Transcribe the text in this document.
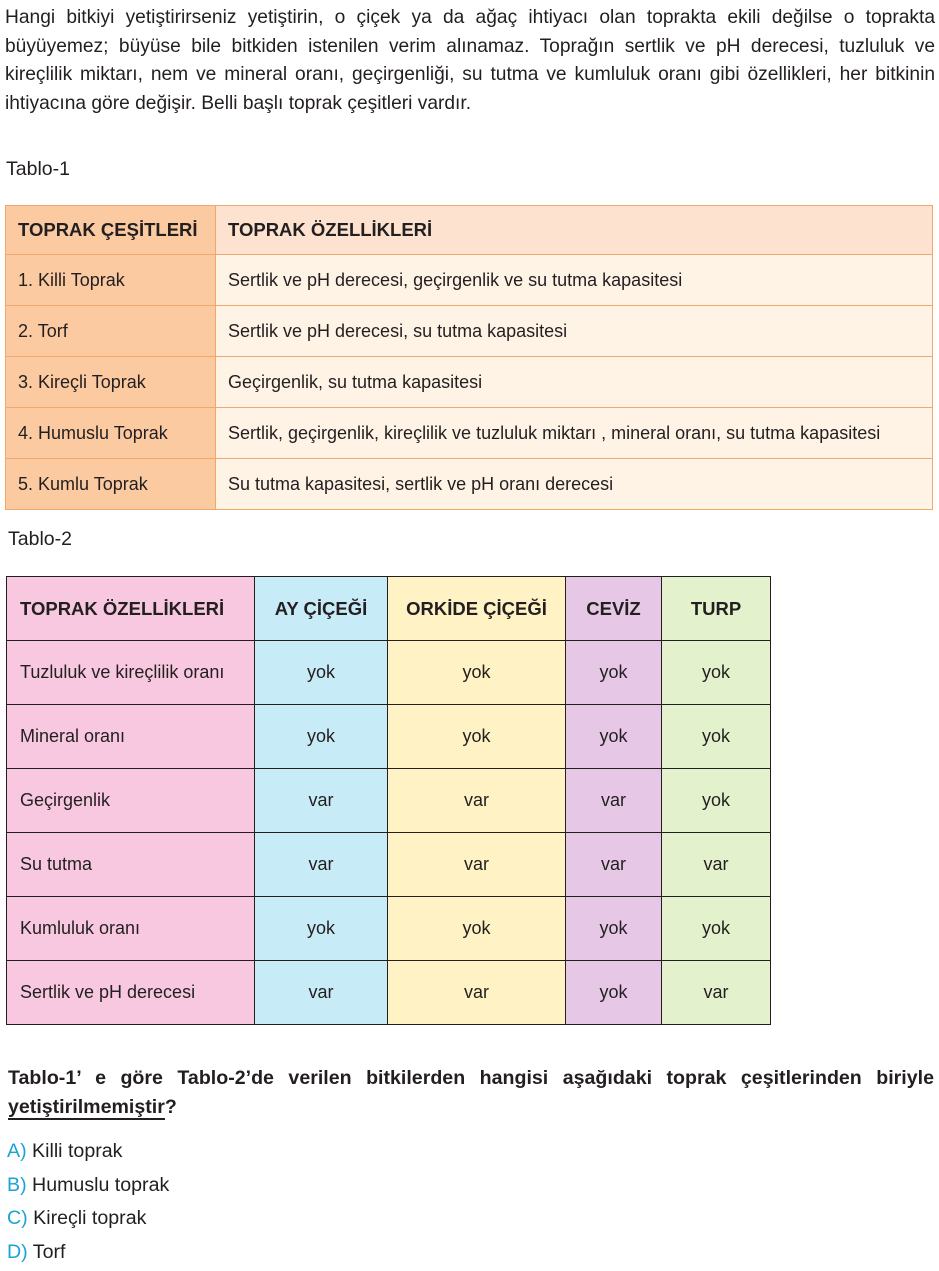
Hangi bitkiyi yetiştirirseniz yetiştirin, o çiçek ya da ağaç ihtiyacı olan toprakta ekili değilse o toprakta büyüyemez; büyüse bile bitkiden istenilen verim alınamaz. Toprağın sertlik ve pH derecesi, tuzluluk ve kireçlilik miktarı, nem ve mineral oranı, geçirgenliği, su tutma ve kumluluk oranı gibi özellikleri, her bitkinin ihtiyacına göre değişir. Belli başlı toprak çeşitleri vardır.
Tablo-1
TOPRAK ÇEŞİTLERİ	TOPRAK ÖZELLİKLERİ
1. Killi Toprak	Sertlik ve pH derecesi, geçirgenlik ve su tutma kapasitesi
2. Torf	Sertlik ve pH derecesi, su tutma kapasitesi
3. Kireçli Toprak	Geçirgenlik, su tutma kapasitesi
4. Humuslu Toprak	Sertlik, geçirgenlik, kireçlilik ve tuzluluk miktarı , mineral oranı, su tutma kapasitesi
5. Kumlu Toprak	Su tutma kapasitesi, sertlik ve pH oranı derecesi
Tablo-2
TOPRAK ÖZELLİKLERİ	AY ÇİÇEĞİ	ORKİDE ÇİÇEĞİ	CEVİZ	TURP
Tuzluluk ve kireçlilik oranı	yok	yok	yok	yok
Mineral oranı	yok	yok	yok	yok
Geçirgenlik	var	var	var	yok
Su tutma	var	var	var	var
Kumluluk oranı	yok	yok	yok	yok
Sertlik ve pH derecesi	var	var	yok	var
Tablo-1’ e göre Tablo-2’de verilen bitkilerden hangisi aşağıdaki toprak çeşitlerinden biriyle yetiştirilmemiştir?
A) Killi toprak
B) Humuslu toprak
C) Kireçli toprak
D) Torf
